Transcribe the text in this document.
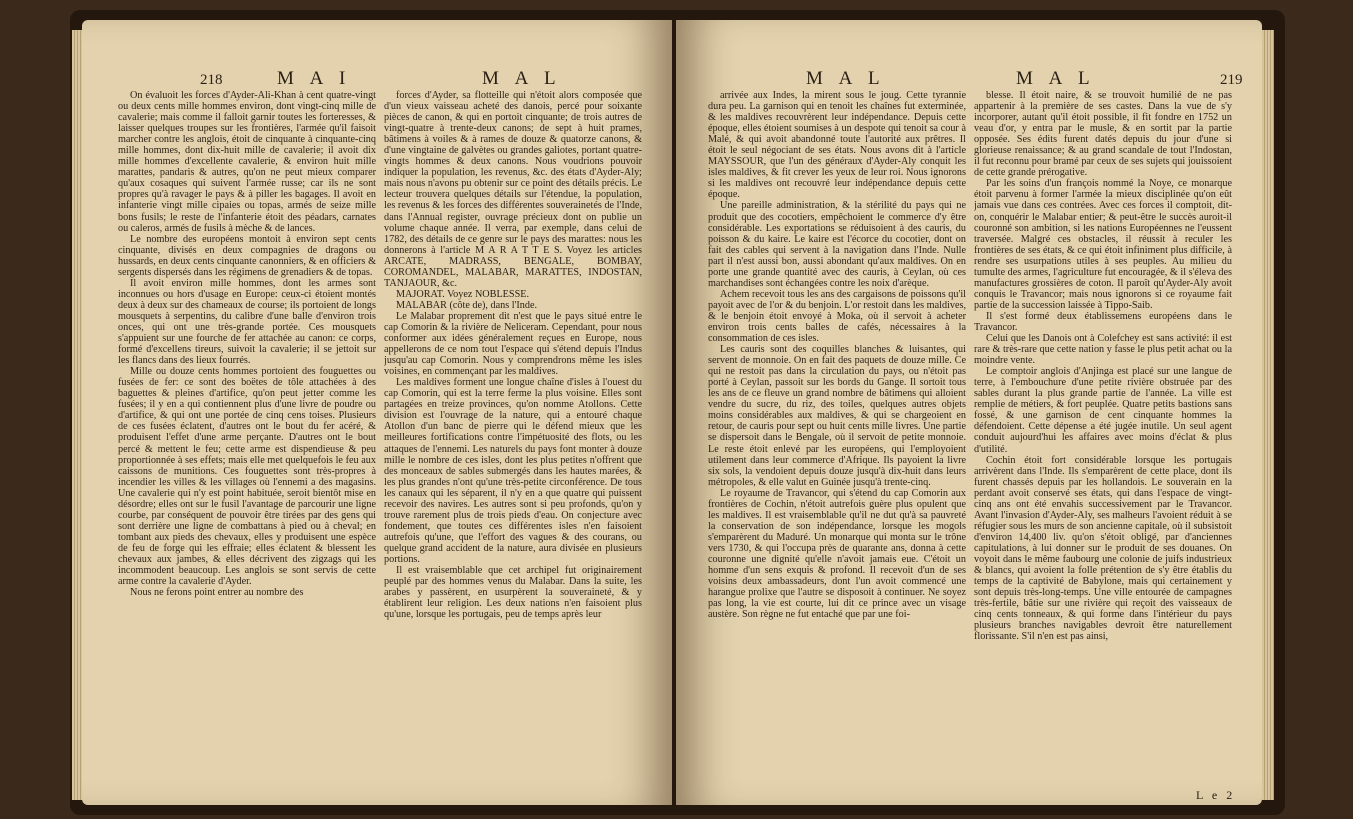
218	M A I	M A L

On évaluoit les forces d'Ayder-Ali-Khan à cent quatre-vingt ou deux cents mille hommes environ, dont vingt-cinq mille de cavalerie; mais comme il falloit garnir toutes les forteresses, & laisser quelques troupes sur les frontières, l'armée qu'il faisoit marcher contre les anglois, étoit de cinquante à cinquante-cinq mille hommes, dont dix-huit mille de cavalerie; il avoit dix mille hommes d'excellente cavalerie, & environ huit mille marattes, pandaris & autres, qu'on ne peut mieux comparer qu'aux cosaques qui suivent l'armée russe; car ils ne sont propres qu'à ravager le pays & à piller les bagages. Il avoit en infanterie vingt mille cipaies ou topas, armés de seize mille bons fusils; le reste de l'infanterie étoit des péadars, carnates ou caleros, armés de fusils à mèche & de lances.

Le nombre des européens montoit à environ sept cents cinquante, divisés en deux compagnies de dragons ou hussards, en deux cents cinquante canonniers, & en officiers & sergents dispersés dans les régimens de grenadiers & de topas.

Il avoit environ mille hommes, dont les armes sont inconnues ou hors d'usage en Europe: ceux-ci étoient montés deux à deux sur des chameaux de course; ils portoient de longs mousquets à serpentins, du calibre d'une balle d'environ trois onces, qui ont une très-grande portée. Ces mousquets s'appuient sur une fourche de fer attachée au canon: ce corps, formé d'excellens tireurs, suivoit la cavalerie; il se jettoit sur les flancs dans des lieux fourrés.

Mille ou douze cents hommes portoient des fouguettes ou fusées de fer: ce sont des boëtes de tôle attachées à des baguettes & pleines d'artifice, qu'on peut jetter comme les fusées; il y en a qui contiennent plus d'une livre de poudre ou d'artifice, & qui ont une portée de cinq cens toises. Plusieurs de ces fusées éclatent, d'autres ont le bout du fer acéré, & produisent l'effet d'une arme perçante. D'autres ont le bout percé & mettent le feu; cette arme est dispendieuse & peu proportionnée à ses effets; mais elle met quelquefois le feu aux caissons de munitions. Ces fouguettes sont très-propres à incendier les villes & les villages où l'ennemi a des magasins. Une cavalerie qui n'y est point habituée, seroit bientôt mise en désordre; elles ont sur le fusil l'avantage de parcourir une ligne courbe, par conséquent de pouvoir être tirées par des gens qui sont derrière une ligne de combattans à pied ou à cheval; en tombant aux pieds des chevaux, elles y produisent une espèce de feu de forge qui les effraie; elles éclatent & blessent les chevaux aux jambes, & elles décrivent des zigzags qui les incommodent beaucoup. Les anglois se sont servis de cette arme contre la cavalerie d'Ayder.

Nous ne ferons point entrer au nombre des

forces d'Ayder, sa flotteille qui n'étoit alors composée que d'un vieux vaisseau acheté des danois, percé pour soixante pièces de canon, & qui en portoit cinquante; de trois autres de vingt-quatre à trente-deux canons; de sept à huit prames, bâtimens à voiles & à rames de douze & quatorze canons, & d'une vingtaine de galvètes ou grandes galiotes, portant quatre-vingts hommes & deux canons. Nous voudrions pouvoir indiquer la population, les revenus, &c. des états d'Ayder-Aly; mais nous n'avons pu obtenir sur ce point des détails précis. Le lecteur trouvera quelques détails sur l'étendue, la population, les revenus & les forces des différentes souverainetés de l'Inde, dans l'Annual register, ouvrage précieux dont on publie un volume chaque année. Il verra, par exemple, dans celui de 1782, des détails de ce genre sur le pays des marattes: nous les donnerons à l'article M A R A T T E S. Voyez les articles ARCATE, MADRASS, BENGALE, BOMBAY, COROMANDEL, MALABAR, MARATTES, INDOSTAN, TANJAOUR, &c.

MAJORAT. Voyez NOBLESSE.

MALABAR (côte de), dans l'Inde.

Le Malabar proprement dit n'est que le pays situé entre le cap Comorin & la rivière de Neliceram. Cependant, pour nous conformer aux idées généralement reçues en Europe, nous appellerons de ce nom tout l'espace qui s'étend depuis l'Indus jusqu'au cap Comorin. Nous y comprendrons même les isles voisines, en commençant par les maldives.

Les maldives forment une longue chaîne d'isles à l'ouest du cap Comorin, qui est la terre ferme la plus voisine. Elles sont partagées en treize provinces, qu'on nomme Atollons. Cette division est l'ouvrage de la nature, qui a entouré chaque Atollon d'un banc de pierre qui le défend mieux que les meilleures fortifications contre l'impétuosité des flots, ou les attaques de l'ennemi. Les naturels du pays font monter à douze mille le nombre de ces isles, dont les plus petites n'offrent que des monceaux de sables submergés dans les hautes marées, & les plus grandes n'ont qu'une très-petite circonférence. De tous les canaux qui les séparent, il n'y en a que quatre qui puissent recevoir des navires. Les autres sont si peu profonds, qu'on y trouve rarement plus de trois pieds d'eau. On conjecture avec fondement, que toutes ces différentes isles n'en faisoient autrefois qu'une, que l'effort des vagues & des courans, ou quelque grand accident de la nature, aura divisée en plusieurs portions.

Il est vraisemblable que cet archipel fut originairement peuplé par des hommes venus du Malabar. Dans la suite, les arabes y passèrent, en usurpèrent la souveraineté, & y établirent leur religion. Les deux nations n'en faisoient plus qu'une, lorsque les portugais, peu de temps après leur

M A L	M A L	219

arrivée aux Indes, la mirent sous le joug. Cette tyrannie dura peu. La garnison qui en tenoit les chaînes fut exterminée, & les maldives recouvrèrent leur indépendance. Depuis cette époque, elles étoient soumises à un despote qui tenoit sa cour à Malé, & qui avoit abandonné toute l'autorité aux prêtres. Il étoit le seul négociant de ses états. Nous avons dit à l'article MAYSSOUR, que l'un des généraux d'Ayder-Aly conquit les isles maldives, & fit crever les yeux de leur roi. Nous ignorons si les maldives ont recouvré leur indépendance depuis cette époque.

Une pareille administration, & la stérilité du pays qui ne produit que des cocotiers, empêchoient le commerce d'y être considérable. Les exportations se réduisoient à des cauris, du poisson & du kaire. Le kaire est l'écorce du cocotier, dont on fait des cables qui servent à la navigation dans l'Inde. Nulle part il n'est aussi bon, aussi abondant qu'aux maldives. On en porte une grande quantité avec des cauris, à Ceylan, où ces marchandises sont échangées contre les noix d'arèque.

Achem recevoit tous les ans des cargaisons de poissons qu'il payoit avec de l'or & du benjoin. L'or restoit dans les maldives, & le benjoin étoit envoyé à Moka, où il servoit à acheter environ trois cents balles de cafés, nécessaires à la consommation de ces isles.

Les cauris sont des coquilles blanches & luisantes, qui servent de monnoie. On en fait des paquets de douze mille. Ce qui ne restoit pas dans la circulation du pays, ou n'étoit pas porté à Ceylan, passoit sur les bords du Gange. Il sortoit tous les ans de ce fleuve un grand nombre de bâtimens qui alloient vendre du sucre, du riz, des toiles, quelques autres objets moins considérables aux maldives, & qui se chargeoient en retour, de cauris pour sept ou huit cents mille livres. Une partie se dispersoit dans le Bengale, où il servoit de petite monnoie. Le reste étoit enlevé par les européens, qui l'employoient utilement dans leur commerce d'Afrique. Ils payoient la livre six sols, la vendoient depuis douze jusqu'à dix-huit dans leurs métropoles, & elle valut en Guinée jusqu'à trente-cinq.

Le royaume de Travancor, qui s'étend du cap Comorin aux frontières de Cochin, n'étoit autrefois guère plus opulent que les maldives. Il est vraisemblable qu'il ne dut qu'à sa pauvreté la conservation de son indépendance, lorsque les mogols s'emparèrent du Maduré. Un monarque qui monta sur le trône vers 1730, & qui l'occupa près de quarante ans, donna à cette couronne une dignité qu'elle n'avoit jamais eue. C'étoit un homme d'un sens exquis & profond. Il recevoit d'un de ses voisins deux ambassadeurs, dont l'un avoit commencé une harangue prolixe que l'autre se disposoit à continuer. Ne soyez pas long, la vie est courte, lui dit ce prince avec un visage austère. Son règne ne fut entaché que par une foi-

blesse. Il étoit naire, & se trouvoit humilié de ne pas appartenir à la première de ses castes. Dans la vue de s'y incorporer, autant qu'il étoit possible, il fit fondre en 1752 un veau d'or, y entra par le musle, & en sortit par la partie opposée. Ses édits furent datés depuis du jour d'une si glorieuse renaissance; & au grand scandale de tout l'Indostan, il fut reconnu pour bramé par ceux de ses sujets qui jouissoient de cette grande prérogative.

Par les soins d'un françois nommé la Noye, ce monarque étoit parvenu à former l'armée la mieux disciplinée qu'on eût jamais vue dans ces contrées. Avec ces forces il comptoit, dit-on, conquérir le Malabar entier; & peut-être le succès auroit-il couronné son ambition, si les nations Européennes ne l'eussent traversée. Malgré ces obstacles, il réussit à reculer les frontières de ses états, & ce qui étoit infiniment plus difficile, à rendre ses usurpations utiles à ses peuples. Au milieu du tumulte des armes, l'agriculture fut encouragée, & il s'éleva des manufactures grossières de coton. Il paroît qu'Ayder-Aly avoit conquis le Travancor; mais nous ignorons si ce royaume fait partie de la succession laissée à Tippo-Saib.

Il s'est formé deux établissemens européens dans le Travancor.

Celui que les Danois ont à Colefchey est sans activité: il est rare & très-rare que cette nation y fasse le plus petit achat ou la moindre vente.

Le comptoir anglois d'Anjinga est placé sur une langue de terre, à l'embouchure d'une petite rivière obstruée par des sables durant la plus grande partie de l'année. La ville est remplie de métiers, & fort peuplée. Quatre petits bastions sans fossé, & une garnison de cent cinquante hommes la défendoient. Cette dépense a été jugée inutile. Un seul agent conduit aujourd'hui les affaires avec moins d'éclat & plus d'utilité.

Cochin étoit fort considérable lorsque les portugais arrivèrent dans l'Inde. Ils s'emparèrent de cette place, dont ils furent chassés depuis par les hollandois. Le souverain en la perdant avoit conservé ses états, qui dans l'espace de vingt-cinq ans ont été envahis successivement par le Travancor. Avant l'invasion d'Ayder-Aly, ses malheurs l'avoient réduit à se réfugier sous les murs de son ancienne capitale, où il subsistoit d'environ 14,400 liv. qu'on s'étoit obligé, par d'anciennes capitulations, à lui donner sur le produit de ses douanes. On voyoit dans le même faubourg une colonie de juifs industrieux & blancs, qui avoient la folle prétention de s'y être établis du temps de la captivité de Babylone, mais qui certainement y sont depuis très-long-temps. Une ville entourée de campagnes très-fertile, bâtie sur une rivière qui reçoit des vaisseaux de cinq cents tonneaux, & qui forme dans l'intérieur du pays plusieurs branches navigables devroit être naturellement florissante. S'il n'en est pas ainsi,

L e 2
